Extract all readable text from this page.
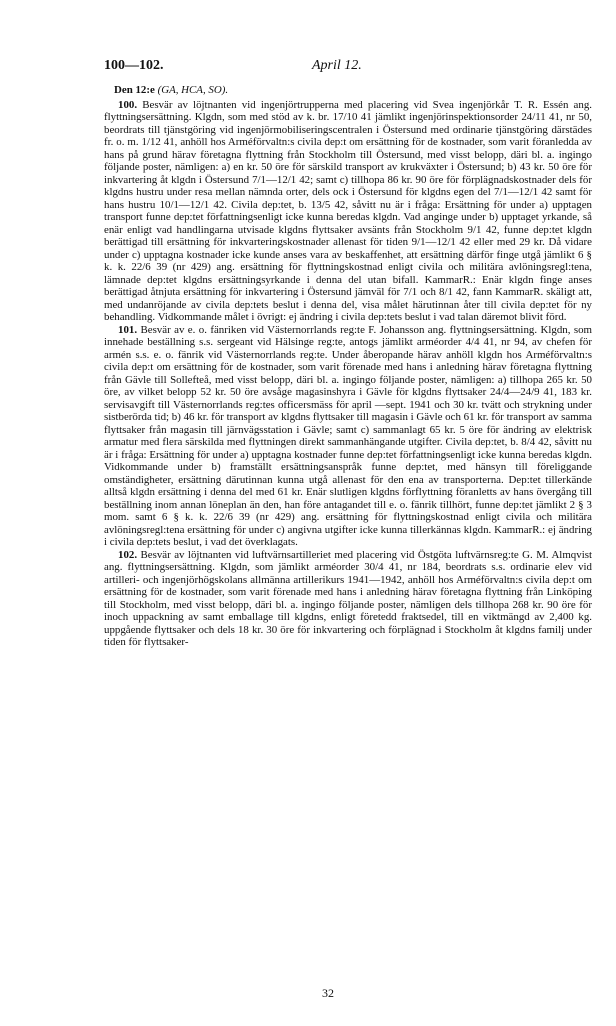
100—102.	April 12.

Den 12:e (GA, HCA, SO).

100. Besvär av löjtnanten vid ingenjörtrupperna med placering vid Svea ingenjörkår T. R. Essén ang. flyttningsersättning. Klgdn, som med stöd av k. br. 17/10 41 jämlikt ingenjörinspektionsorder 24/11 41, nr 50, beordrats till tjänstgöring vid ingenjörmobiliseringscentralen i Östersund med ordinarie tjänstgöring därstädes fr. o. m. 1/12 41, anhöll hos Arméförvaltn:s civila dep:t om ersättning för de kostnader, som varit föranledda av hans på grund härav företagna flyttning från Stockholm till Östersund, med visst belopp, däri bl. a. ingingo följande poster, nämligen: a) en kr. 50 öre för särskild transport av krukväxter i Östersund; b) 43 kr. 50 öre för inkvartering åt klgdn i Östersund 7/1—12/1 42; samt c) tillhopa 86 kr. 90 öre för förplägnadskostnader dels för klgdns hustru under resa mellan nämnda orter, dels ock i Östersund för klgdns egen del 7/1—12/1 42 samt för hans hustru 10/1—12/1 42. Civila dep:tet, b. 13/5 42, såvitt nu är i fråga: Ersättning för under a) upptagen transport funne dep:tet författningsenligt icke kunna beredas klgdn. Vad anginge under b) upptaget yrkande, så enär enligt vad handlingarna utvisade klgdns flyttsaker avsänts från Stockholm 9/1 42, funne dep:tet klgdn berättigad till ersättning för inkvarteringskostnader allenast för tiden 9/1—12/1 42 eller med 29 kr. Då vidare under c) upptagna kostnader icke kunde anses vara av beskaffenhet, att ersättning därför finge utgå jämlikt 6 § k. k. 22/6 39 (nr 429) ang. ersättning för flyttningskostnad enligt civila och militära avlöningsregl:tena, lämnade dep:tet klgdns ersättningsyrkande i denna del utan bifall. KammarR.: Enär klgdn finge anses berättigad åtnjuta ersättning för inkvartering i Östersund jämväl för 7/1 och 8/1 42, fann KammarR. skäligt att, med undanröjande av civila dep:tets beslut i denna del, visa målet härutinnan åter till civila dep:tet för ny behandling. Vidkommande målet i övrigt: ej ändring i civila dep:tets beslut i vad talan däremot blivit förd.

101. Besvär av e. o. fänriken vid Västernorrlands reg:te F. Johansson ang. flyttningsersättning. Klgdn, som innehade beställning s.s. sergeant vid Hälsinge reg:te, antogs jämlikt arméorder 4/4 41, nr 94, av chefen för armén s.s. e. o. fänrik vid Västernorrlands reg:te. Under åberopande härav anhöll klgdn hos Arméförvaltn:s civila dep:t om ersättning för de kostnader, som varit förenade med hans i anledning härav företagna flyttning från Gävle till Sollefteå, med visst belopp, däri bl. a. ingingo följande poster, nämligen: a) tillhopa 265 kr. 50 öre, av vilket belopp 52 kr. 50 öre avsåge magasinshyra i Gävle för klgdns flyttsaker 24/4—24/9 41, 183 kr. servisavgift till Västernorrlands reg:tes officersmäss för april —sept. 1941 och 30 kr. tvätt och strykning under sistberörda tid; b) 46 kr. för transport av klgdns flyttsaker till magasin i Gävle och 61 kr. för transport av samma flyttsaker från magasin till järnvägsstation i Gävle; samt c) sammanlagt 65 kr. 5 öre för ändring av elektrisk armatur med flera särskilda med flyttningen direkt sammanhängande utgifter. Civila dep:tet, b. 8/4 42, såvitt nu är i fråga: Ersättning för under a) upptagna kostnader funne dep:tet författningsenligt icke kunna beredas klgdn. Vidkommande under b) framställt ersättningsanspråk funne dep:tet, med hänsyn till föreliggande omständigheter, ersättning därutinnan kunna utgå allenast för den ena av transporterna. Dep:tet tillerkände alltså klgdn ersättning i denna del med 61 kr. Enär slutligen klgdns förflyttning föranletts av hans övergång till beställning inom annan löneplan än den, han före antagandet till e. o. fänrik tillhört, funne dep:tet jämlikt 2 § 3 mom. samt 6 § k. k. 22/6 39 (nr 429) ang. ersättning för flyttningskostnad enligt civila och militära avlöningsregl:tena ersättning för under c) angivna utgifter icke kunna tillerkännas klgdn. KammarR.: ej ändring i civila dep:tets beslut, i vad det överklagats.

102. Besvär av löjtnanten vid luftvärnsartilleriet med placering vid Östgöta luftvärnsreg:te G. M. Almqvist ang. flyttningsersättning. Klgdn, som jämlikt arméorder 30/4 41, nr 184, beordrats s.s. ordinarie elev vid artilleri- och ingenjörhögskolans allmänna artillerikurs 1941—1942, anhöll hos Arméförvaltn:s civila dep:t om ersättning för de kostnader, som varit förenade med hans i anledning härav företagna flyttning från Linköping till Stockholm, med visst belopp, däri bl. a. ingingo följande poster, nämligen dels tillhopa 268 kr. 90 öre för inoch uppackning av samt emballage till klgdns, enligt företedd fraktsedel, till en viktmängd av 2,400 kg. uppgående flyttsaker och dels 18 kr. 30 öre för inkvartering och förplägnad i Stockholm åt klgdns familj under tiden för flyttsaker-

32
